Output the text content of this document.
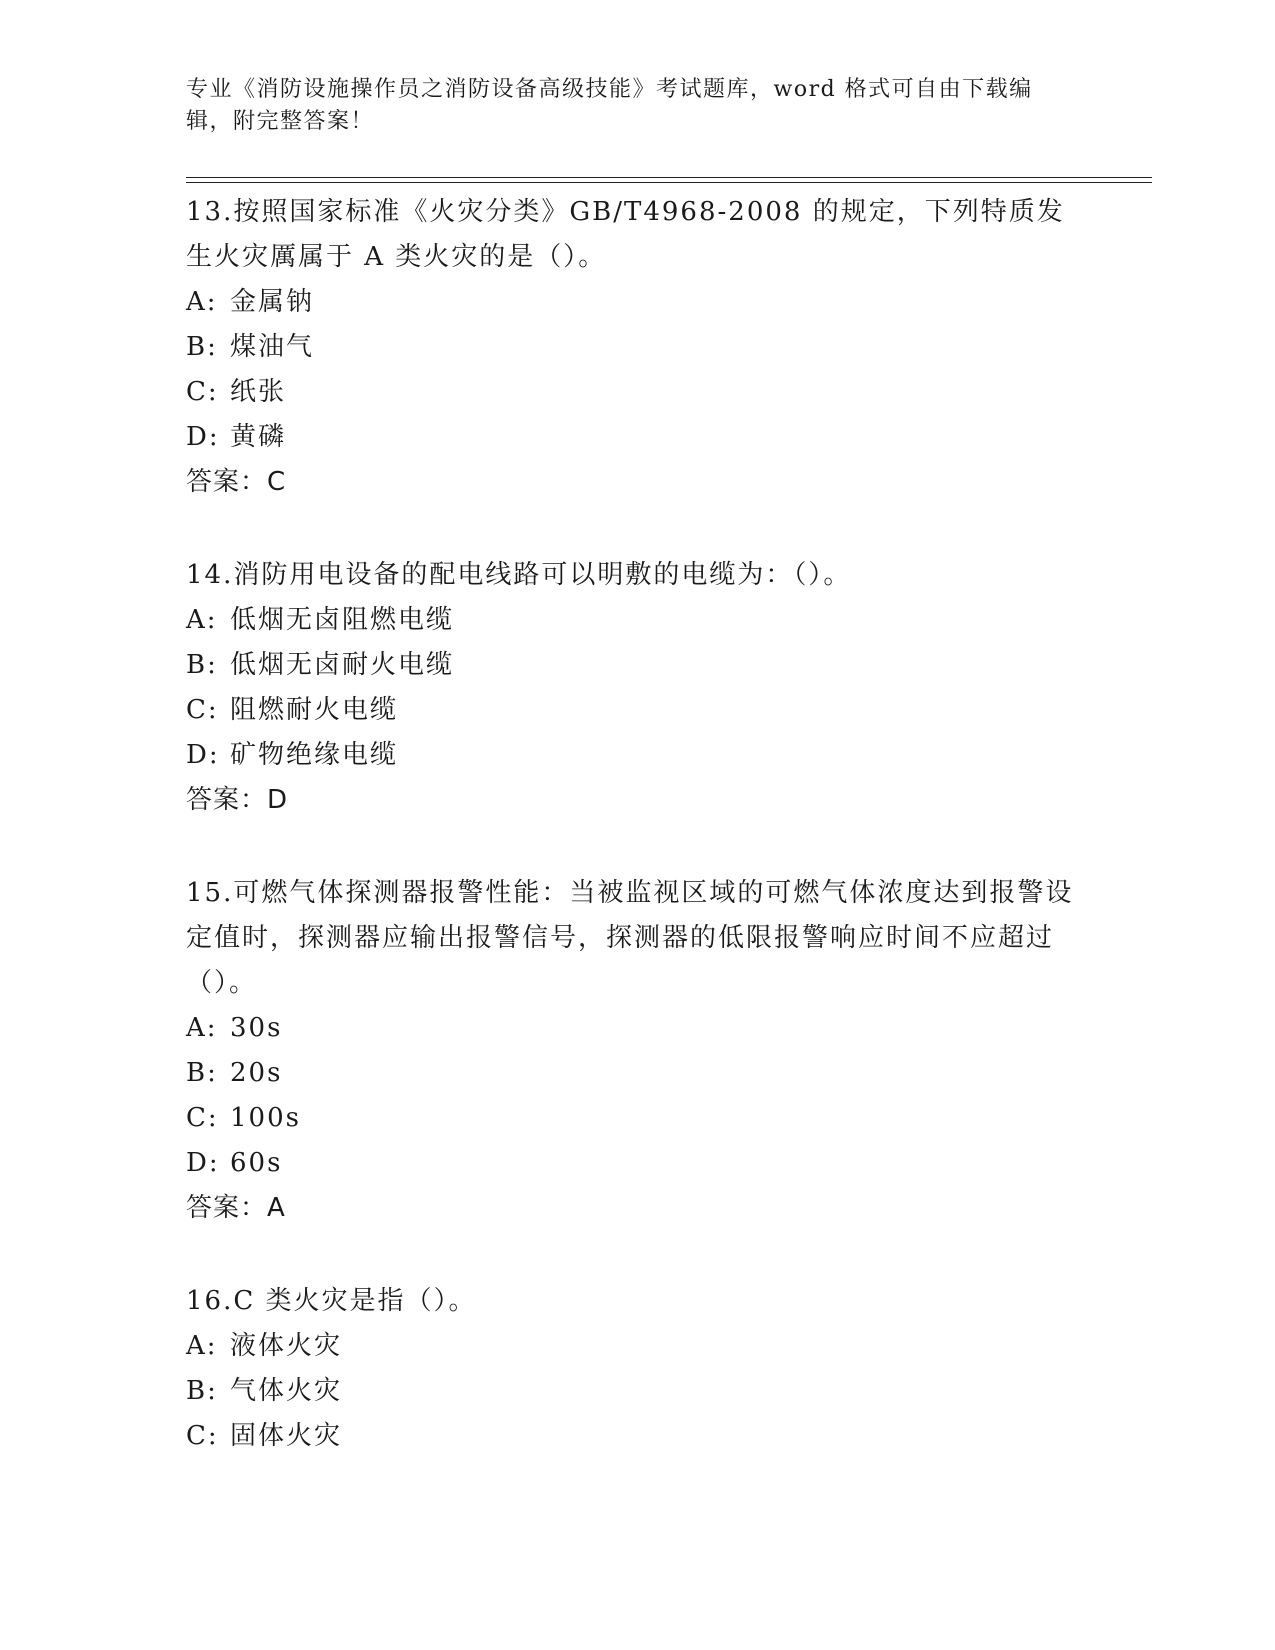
专业《消防设施操作员之消防设备高级技能》考试题库，word 格式可自由下载编辑，附完整答案！
13.按照国家标准《火灾分类》GB/T4968-2008 的规定，下列特质发生火灾厲属于 A 类火灾的是（）。
A: 金属钠
B: 煤油气
C: 纸张
D: 黄磷
答案：C
14.消防用电设备的配电线路可以明敷的电缆为：（）。
A: 低烟无卤阻燃电缆
B: 低烟无卤耐火电缆
C: 阻燃耐火电缆
D: 矿物绝缘电缆
答案：D
15.可燃气体探测器报警性能：当被监视区域的可燃气体浓度达到报警设定值时，探测器应输出报警信号，探测器的低限报警响应时间不应超过（）。
A: 30s
B: 20s
C: 100s
D: 60s
答案：A
16.C 类火灾是指（）。
A: 液体火灾
B: 气体火灾
C: 固体火灾
